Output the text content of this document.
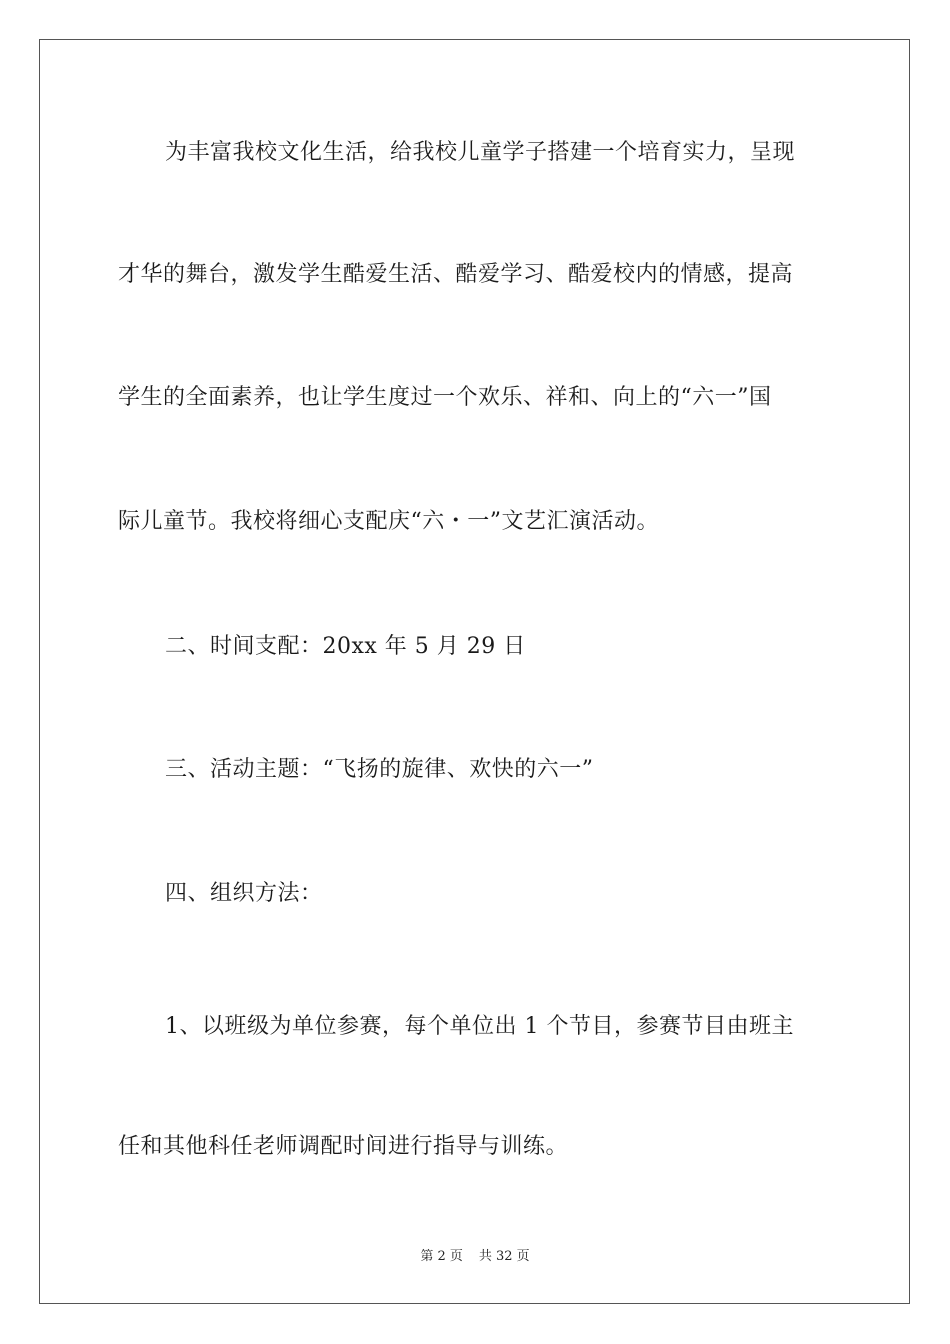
为丰富我校文化生活，给我校儿童学子搭建一个培育实力，呈现
才华的舞台，激发学生酷爱生活、酷爱学习、酷爱校内的情感，提高
学生的全面素养，也让学生度过一个欢乐、祥和、向上的“六一”国
际儿童节。我校将细心支配庆“六・一”文艺汇演活动。
二、时间支配：20xx 年 5 月 29 日
三、活动主题：“飞扬的旋律、欢快的六一”
四、组织方法：
1、以班级为单位参赛，每个单位出 1 个节目，参赛节目由班主
任和其他科任老师调配时间进行指导与训练。
第 2 页 共 32 页
